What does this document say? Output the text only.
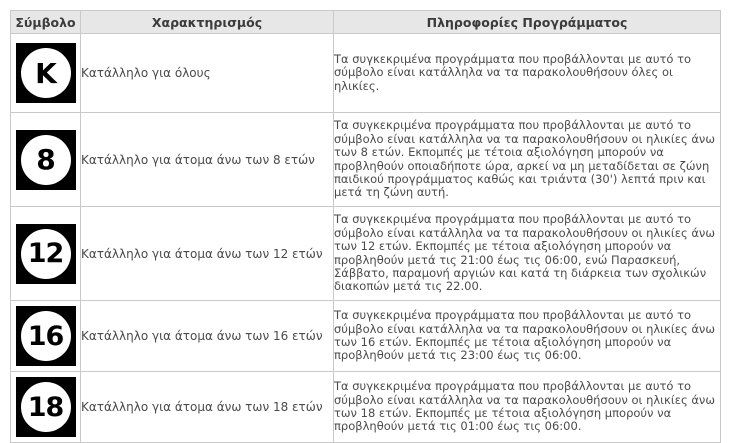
Σύμβολο	Χαρακτηρισμός	Πληροφορίες Προγράμματος

K	Κατάλληλο για όλους	Τα συγκεκριμένα προγράμματα που προβάλλονται με αυτό το σύμβολο είναι κατάλληλα να τα παρακολουθήσουν όλες οι ηλικίες.

8	Κατάλληλο για άτομα άνω των 8 ετών	Τα συγκεκριμένα προγράμματα που προβάλλονται με αυτό το σύμβολο είναι κατάλληλα να τα παρακολουθήσουν οι ηλικίες άνω των 8 ετών. Εκπομπές με τέτοια αξιολόγηση μπορούν να προβληθούν οποιαδήποτε ώρα, αρκεί να μη μεταδίδεται σε ζώνη παιδικού προγράμματος καθώς και τριάντα (30') λεπτά πριν και μετά τη ζώνη αυτή.

12	Κατάλληλο για άτομα άνω των 12 ετών	Τα συγκεκριμένα προγράμματα που προβάλλονται με αυτό το σύμβολο είναι κατάλληλα να τα παρακολουθήσουν οι ηλικίες άνω των 12 ετών. Εκπομπές με τέτοια αξιολόγηση μπορούν να προβληθούν μετά τις 21:00 έως τις 06:00, ενώ Παρασκευή, Σάββατο, παραμονή αργιών και κατά τη διάρκεια των σχολικών διακοπών μετά τις 22.00.

16	Κατάλληλο για άτομα άνω των 16 ετών	Τα συγκεκριμένα προγράμματα που προβάλλονται με αυτό το σύμβολο είναι κατάλληλα να τα παρακολουθήσουν οι ηλικίες άνω των 16 ετών. Εκπομπές με τέτοια αξιολόγηση μπορούν να προβληθούν μετά τις 23:00 έως τις 06:00.

18	Κατάλληλο για άτομα άνω των 18 ετών	Τα συγκεκριμένα προγράμματα που προβάλλονται με αυτό το σύμβολο είναι κατάλληλα να τα παρακολουθήσουν οι ηλικίες άνω των 18 ετών. Εκπομπές με τέτοια αξιολόγηση μπορούν να προβληθούν μετά τις 01:00 έως τις 06:00.
